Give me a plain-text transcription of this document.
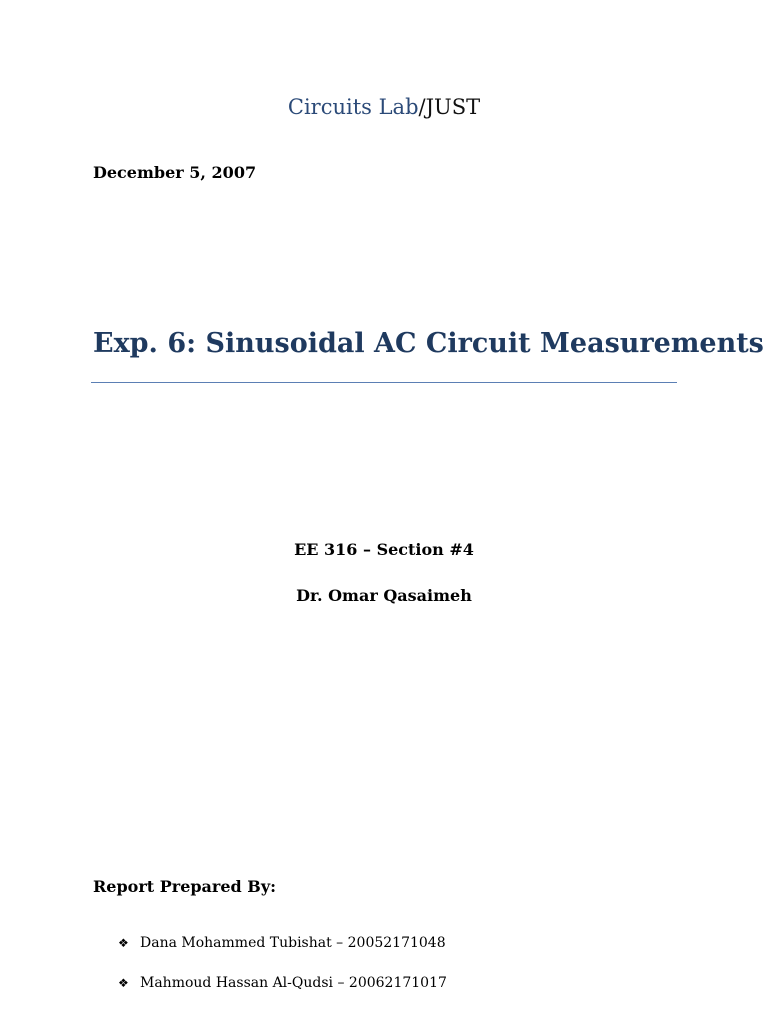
Circuits Lab/JUST
December 5, 2007
Exp. 6: Sinusoidal AC Circuit Measurements
EE 316 – Section #4
Dr. Omar Qasaimeh
Report Prepared By:
❖ Dana Mohammed Tubishat – 20052171048
❖ Mahmoud Hassan Al-Qudsi – 20062171017
